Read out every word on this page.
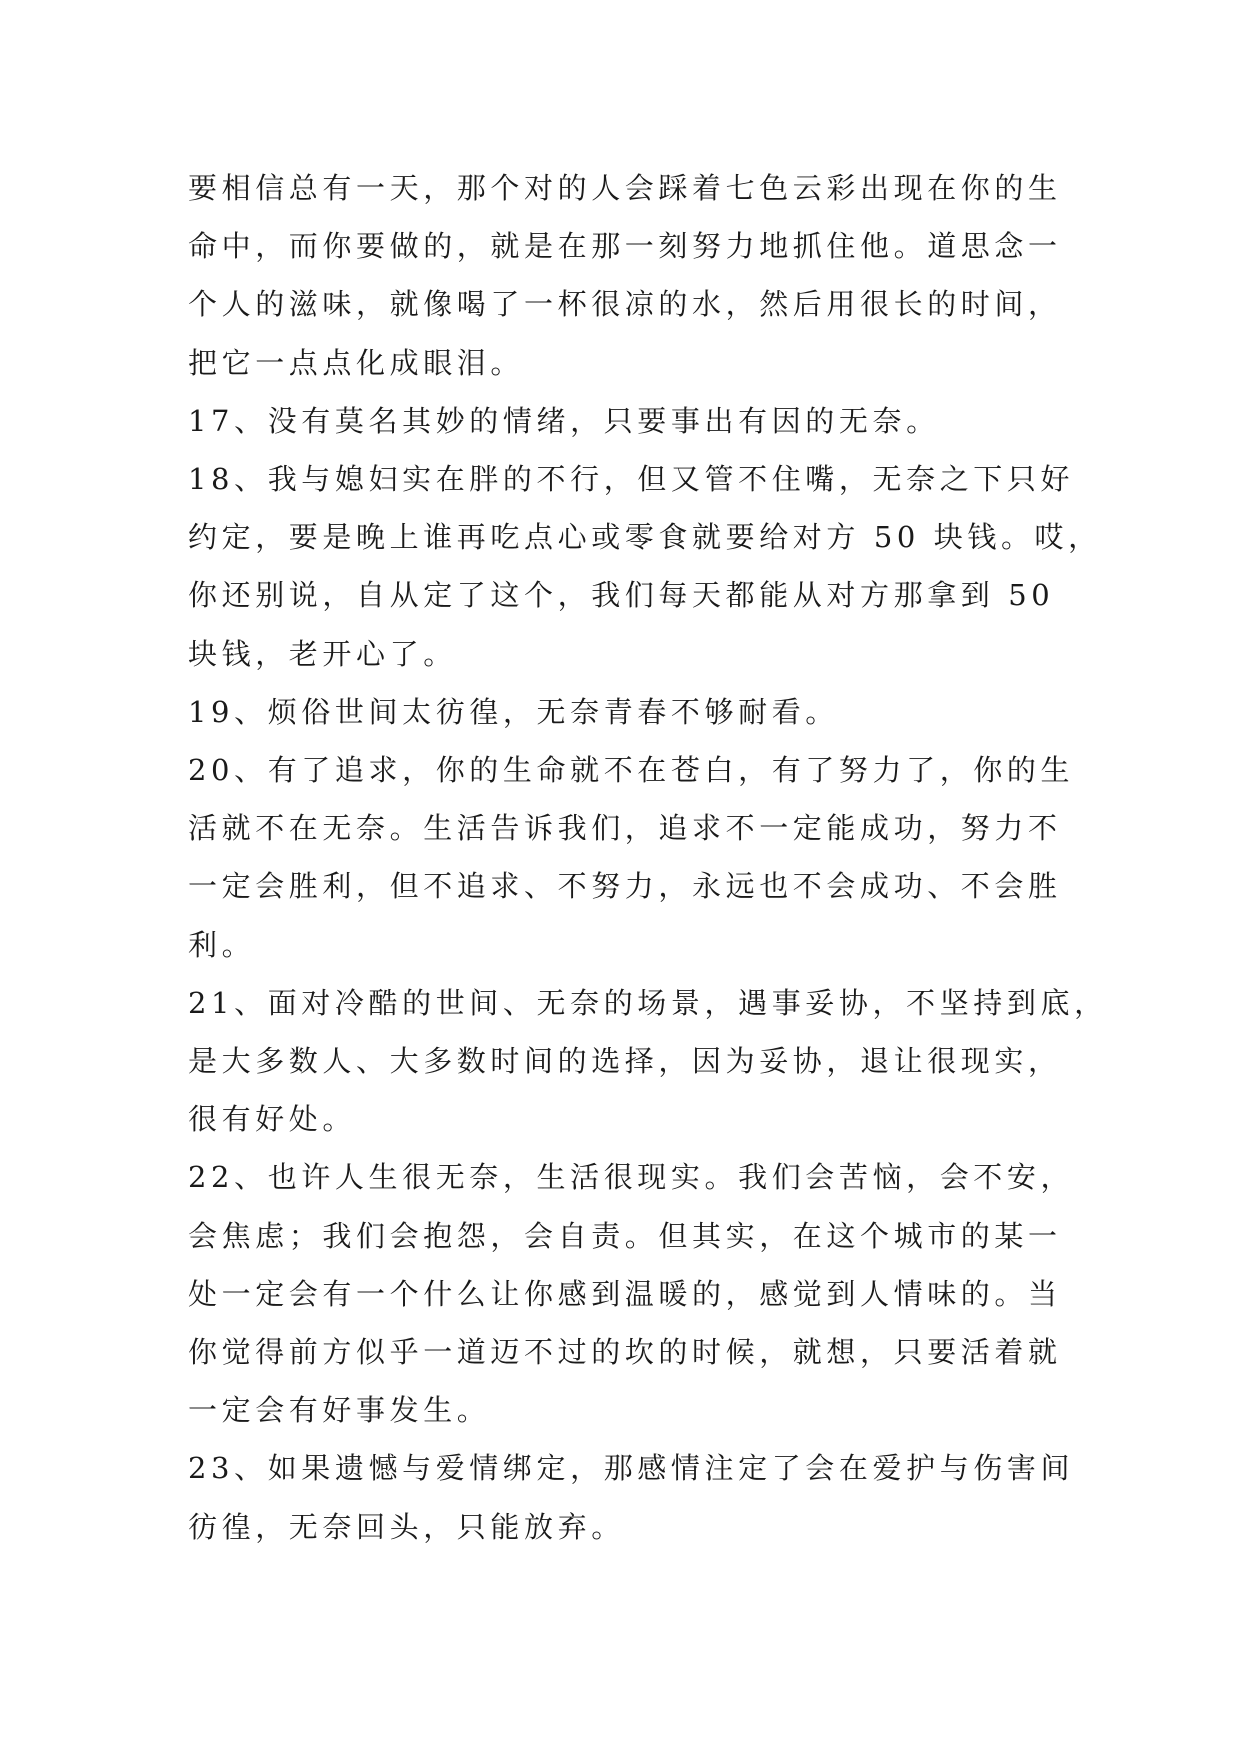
要相信总有一天，那个对的人会踩着七色云彩出现在你的生
命中，而你要做的，就是在那一刻努力地抓住他。道思念一
个人的滋味，就像喝了一杯很凉的水，然后用很长的时间，
把它一点点化成眼泪。

17、没有莫名其妙的情绪，只要事出有因的无奈。

18、我与媳妇实在胖的不行，但又管不住嘴，无奈之下只好
约定，要是晚上谁再吃点心或零食就要给对方 50 块钱。哎，
你还别说，自从定了这个，我们每天都能从对方那拿到 50
块钱，老开心了。

19、烦俗世间太彷徨，无奈青春不够耐看。

20、有了追求，你的生命就不在苍白，有了努力了，你的生
活就不在无奈。生活告诉我们，追求不一定能成功，努力不
一定会胜利，但不追求、不努力，永远也不会成功、不会胜
利。

21、面对冷酷的世间、无奈的场景，遇事妥协，不坚持到底，
是大多数人、大多数时间的选择，因为妥协，退让很现实，
很有好处。

22、也许人生很无奈，生活很现实。我们会苦恼，会不安，
会焦虑；我们会抱怨，会自责。但其实，在这个城市的某一
处一定会有一个什么让你感到温暖的，感觉到人情味的。当
你觉得前方似乎一道迈不过的坎的时候，就想，只要活着就
一定会有好事发生。

23、如果遗憾与爱情绑定，那感情注定了会在爱护与伤害间
彷徨，无奈回头，只能放弃。
